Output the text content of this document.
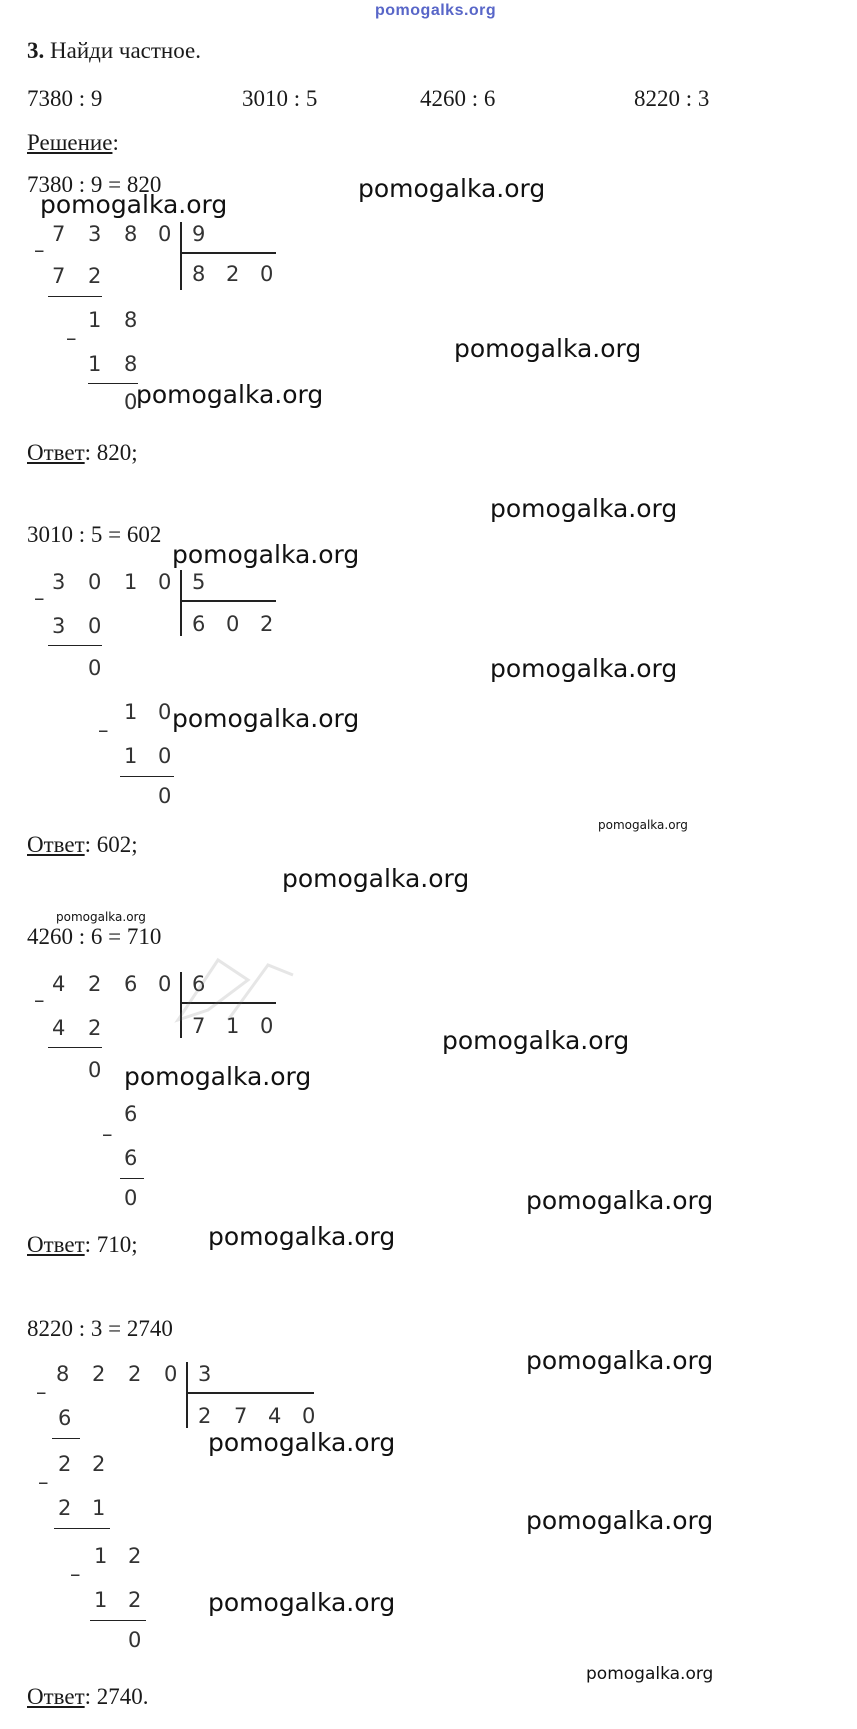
pomogalks.org
3. Найди частное.
7380 : 9	3010 : 5	4260 : 6	8220 : 3
Решение:
7380 : 9 = 820
–
7 3 8 0 9
8 2 0
7 2
–
1 8
1 8
0
Ответ: 820;
3010 : 5 = 602
–
3 0 1 0 5
6 0 2
3 0
0
–
1 0
1 0
0
Ответ: 602;
4260 : 6 = 710
–
4 2 6 0 6
7 1 0
4 2
0
–
6
6
0
Ответ: 710;
8220 : 3 = 2740
–
8 2 2 0 3
2 7 4 0
6
–
2 2
2 1
–
1 2
1 2
0
Ответ: 2740.
pomogalka.org
pomogalka.org
pomogalka.org
pomogalka.org
pomogalka.org
pomogalka.org
pomogalka.org
pomogalka.org
pomogalka.org
pomogalka.org
pomogalka.org
pomogalka.org
pomogalka.org
pomogalka.org
pomogalka.org
pomogalka.org
pomogalka.org
pomogalka.org
pomogalka.org
pomogalka.org
